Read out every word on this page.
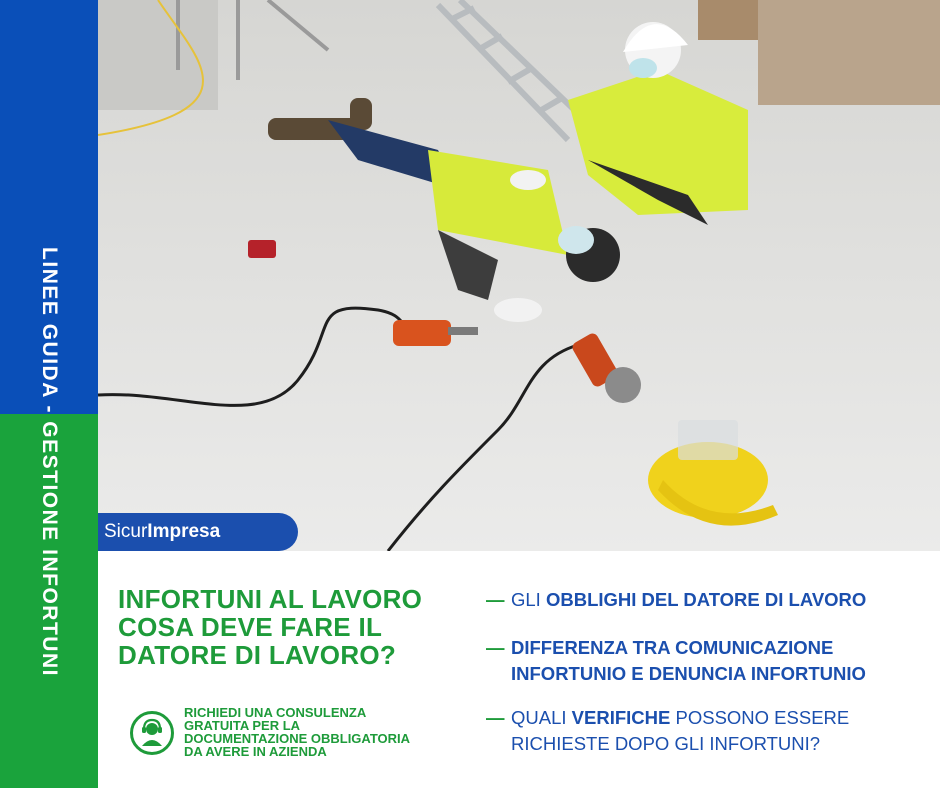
LINEE GUIDA - GESTIONE INFORTUNI Sicur Impresa
INFORTUNI AL LAVORO
COSA DEVE FARE IL
DATORE DI LAVORO?
— GLI OBBLIGHI DEL DATORE DI LAVORO
— DIFFERENZA TRA COMUNICAZIONE INFORTUNIO E DENUNCIA INFORTUNIO
— QUALI VERIFICHE POSSONO ESSERE RICHIESTE DOPO GLI INFORTUNI?
RICHIEDI UNA CONSULENZA
GRATUITA PER LA
DOCUMENTAZIONE OBBLIGATORIA
DA AVERE IN AZIENDA
